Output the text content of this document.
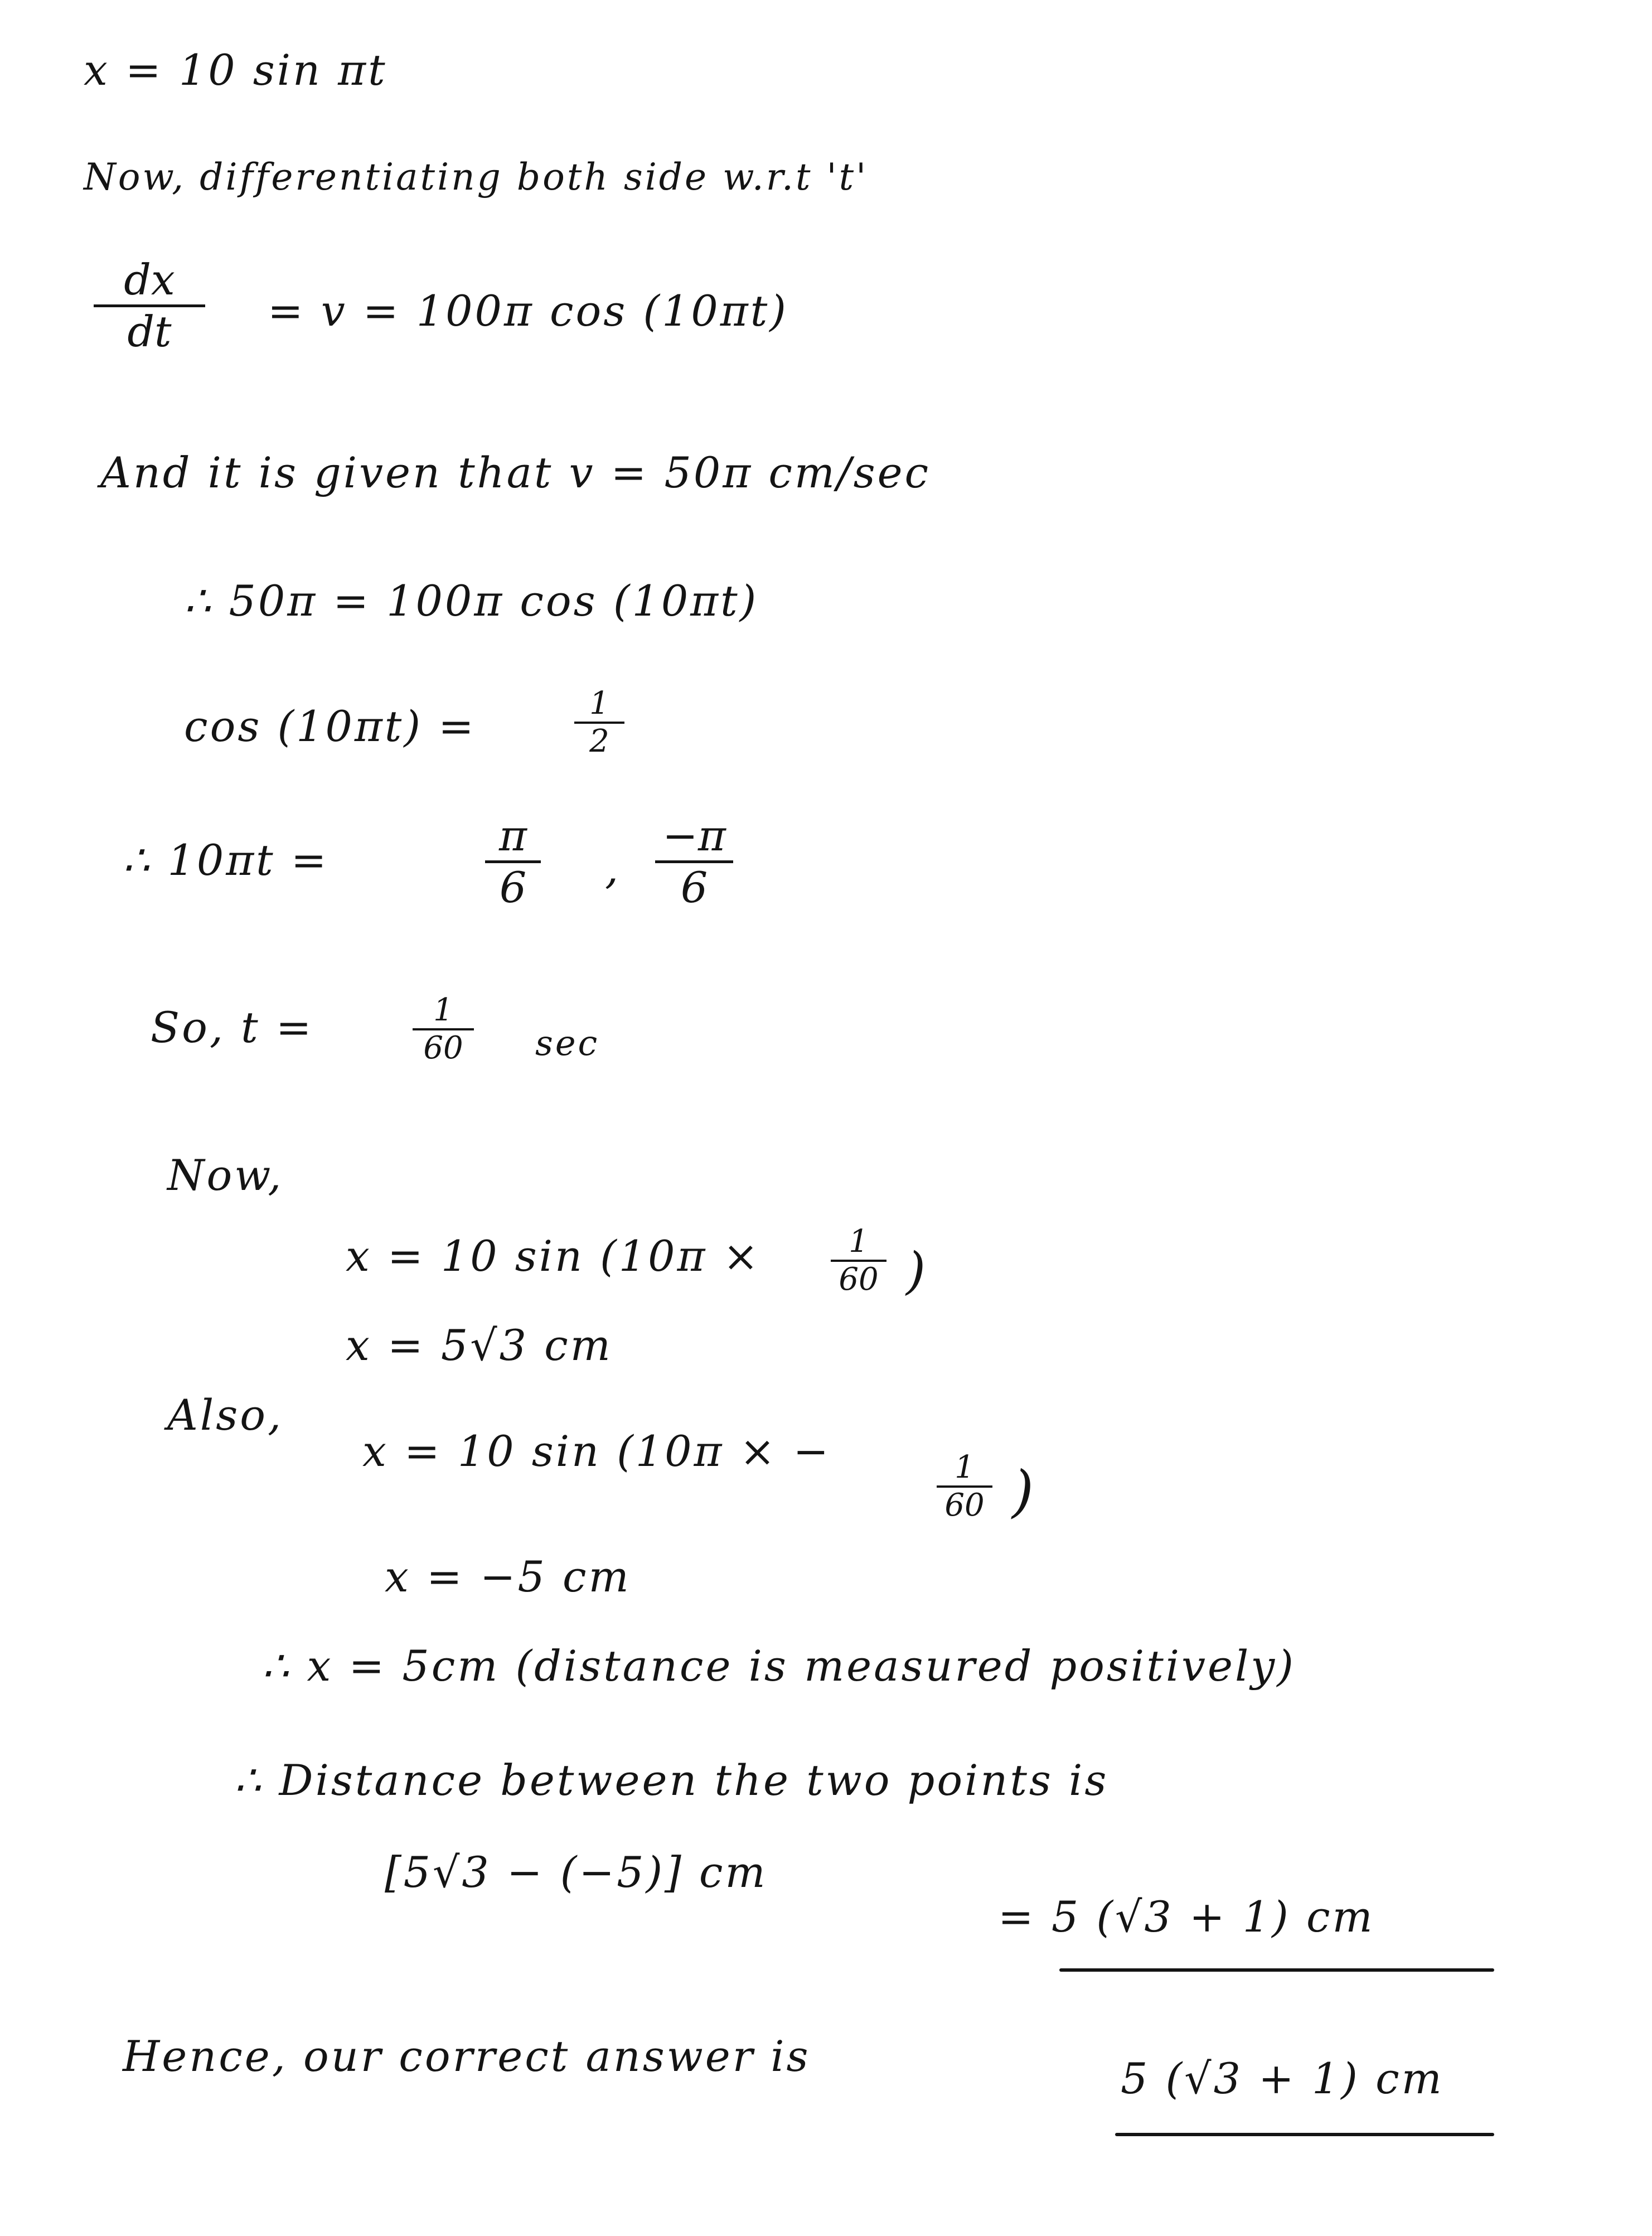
x = 10 sin πt
Now, differentiating both side w.r.t 't'
dx
dt = v = 100π cos (10πt)
And it is given that v = 50π cm/sec
∴ 50π = 100π cos (10πt)
cos (10πt) =	1
2
∴ 10πt =	π
6 ,
−π
6
So, t =	1
60 sec
Now,
x = 10 sin (10π ×	1
60 )
x = 5√3 cm
Also,
x = 10 sin (10π × −	1
60 )
x = −5 cm
∴ x = 5cm (distance is measured positively)
∴ Distance between the two points is
[5√3 − (−5)] cm
= 5 (√3 + 1) cm
Hence, our correct answer is	5 (√3 + 1) cm
